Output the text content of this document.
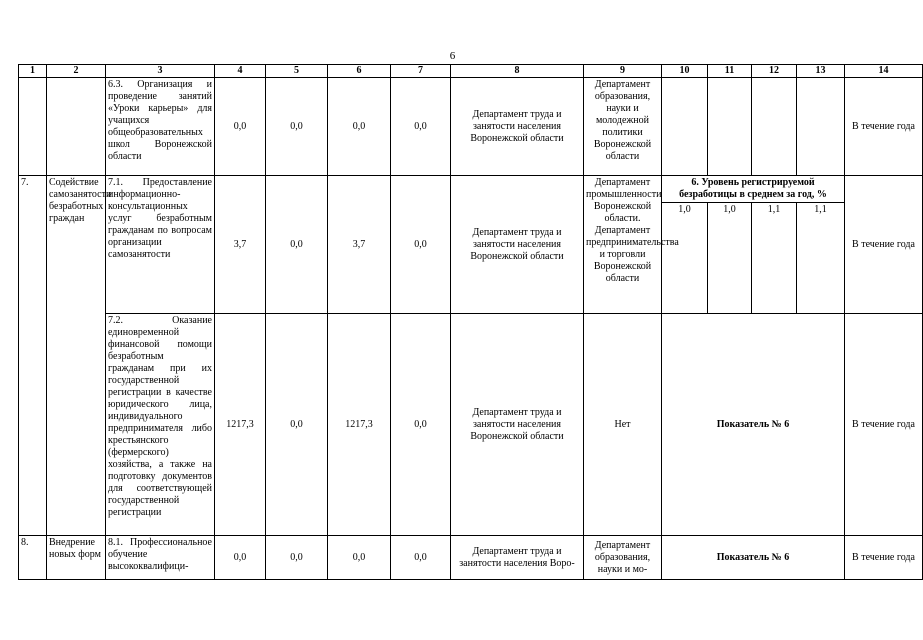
6
1	2	3	4	5	6	7	8	9	10	11	12	13	14
		6.3. Организация и проведение занятий «Уроки карьеры» для учащихся общеобразовательных школ Воронежской области	0,0	0,0	0,0	0,0	Департамент труда и занятости населения Воронежской области	Департамент образования, науки и молодежной политики Воронежской области					В течение года
7.	Содействие самозанятости безработных граждан	7.1. Предоставление информационно-консультационных услуг безработным гражданам по вопросам организации самозанятости	3,7	0,0	3,7	0,0	Департамент труда и занятости населения Воронежской области	Департамент промышленности Воронежской области. Департамент предпринимательства и торговли Воронежской области	6. Уровень регистрируемой безработицы в среднем за год, %				В течение года
									1,0	1,0	1,1	1,1	
		7.2. Оказание единовременной финансовой помощи безработным гражданам при их государственной регистрации в качестве юридического лица, индивидуального предпринимателя либо крестьянского (фермерского) хозяйства, а также на подготовку документов для соответствующей государственной регистрации	1217,3	0,0	1217,3	0,0	Департамент труда и занятости населения Воронежской области	Нет	Показатель № 6				В течение года
8.	Внедрение новых форм	8.1. Профессиональное обучение высококвалифици-	0,0	0,0	0,0	0,0	Департамент труда и занятости населения Воро-	Департамент образования, науки и мо-	Показатель № 6				В течение года
